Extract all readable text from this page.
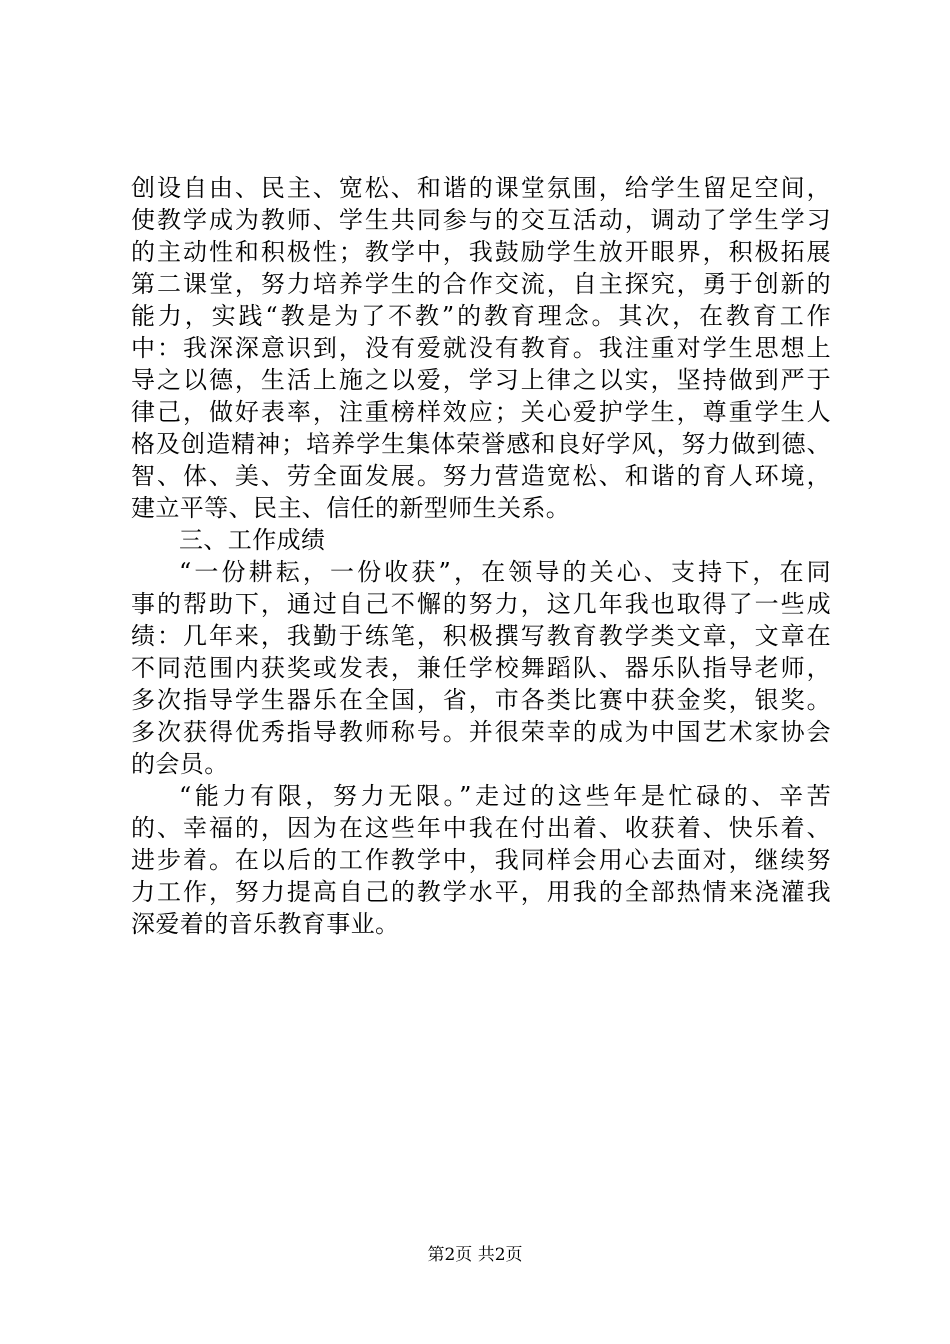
创设自由、民主、宽松、和谐的课堂氛围，给学生留足空间，
使教学成为教师、学生共同参与的交互活动，调动了学生学习
的主动性和积极性；教学中，我鼓励学生放开眼界，积极拓展
第二课堂，努力培养学生的合作交流，自主探究，勇于创新的
能力，实践“教是为了不教”的教育理念。其次，在教育工作
中：我深深意识到，没有爱就没有教育。我注重对学生思想上
导之以德，生活上施之以爱，学习上律之以实，坚持做到严于
律己，做好表率，注重榜样效应；关心爱护学生，尊重学生人
格及创造精神；培养学生集体荣誉感和良好学风，努力做到德、
智、体、美、劳全面发展。努力营造宽松、和谐的育人环境，
建立平等、民主、信任的新型师生关系。
三、工作成绩
“一份耕耘，一份收获”，在领导的关心、支持下，在同
事的帮助下，通过自己不懈的努力，这几年我也取得了一些成
绩：几年来，我勤于练笔，积极撰写教育教学类文章，文章在
不同范围内获奖或发表，兼任学校舞蹈队、器乐队指导老师，
多次指导学生器乐在全国，省，市各类比赛中获金奖，银奖。
多次获得优秀指导教师称号。并很荣幸的成为中国艺术家协会
的会员。
“能力有限，努力无限。”走过的这些年是忙碌的、辛苦
的、幸福的，因为在这些年中我在付出着、收获着、快乐着、
进步着。在以后的工作教学中，我同样会用心去面对，继续努
力工作，努力提高自己的教学水平，用我的全部热情来浇灌我
深爱着的音乐教育事业。
第2页 共2页
